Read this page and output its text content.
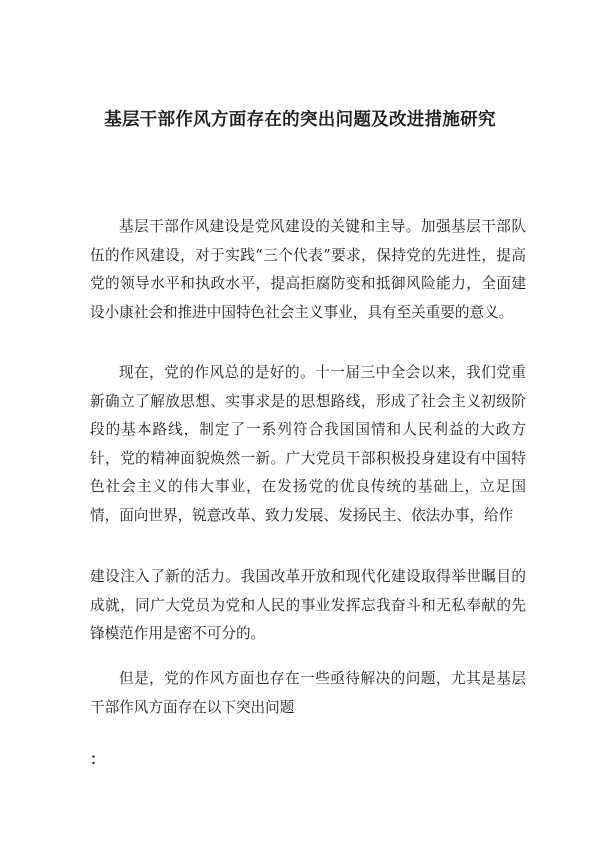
基层干部作风方面存在的突出问题及改进措施研究

基层干部作风建设是党风建设的关键和主导。加强基层干部队伍的作风建设，对于实践“三个代表”要求，保持党的先进性，提高党的领导水平和执政水平，提高拒腐防变和抵御风险能力，全面建设小康社会和推进中国特色社会主义事业，具有至关重要的意义。

现在，党的作风总的是好的。十一届三中全会以来，我们党重新确立了解放思想、实事求是的思想路线，形成了社会主义初级阶段的基本路线，制定了一系列符合我国国情和人民利益的大政方针，党的精神面貌焕然一新。广大党员干部积极投身建设有中国特色社会主义的伟大事业，在发扬党的优良传统的基础上，立足国情，面向世界，锐意改革、致力发展、发扬民主、依法办事，给作

建设注入了新的活力。我国改革开放和现代化建设取得举世瞩目的成就，同广大党员为党和人民的事业发挥忘我奋斗和无私奉献的先锋模范作用是密不可分的。

但是，党的作风方面也存在一些亟待解决的问题，尤其是基层干部作风方面存在以下突出问题

：
